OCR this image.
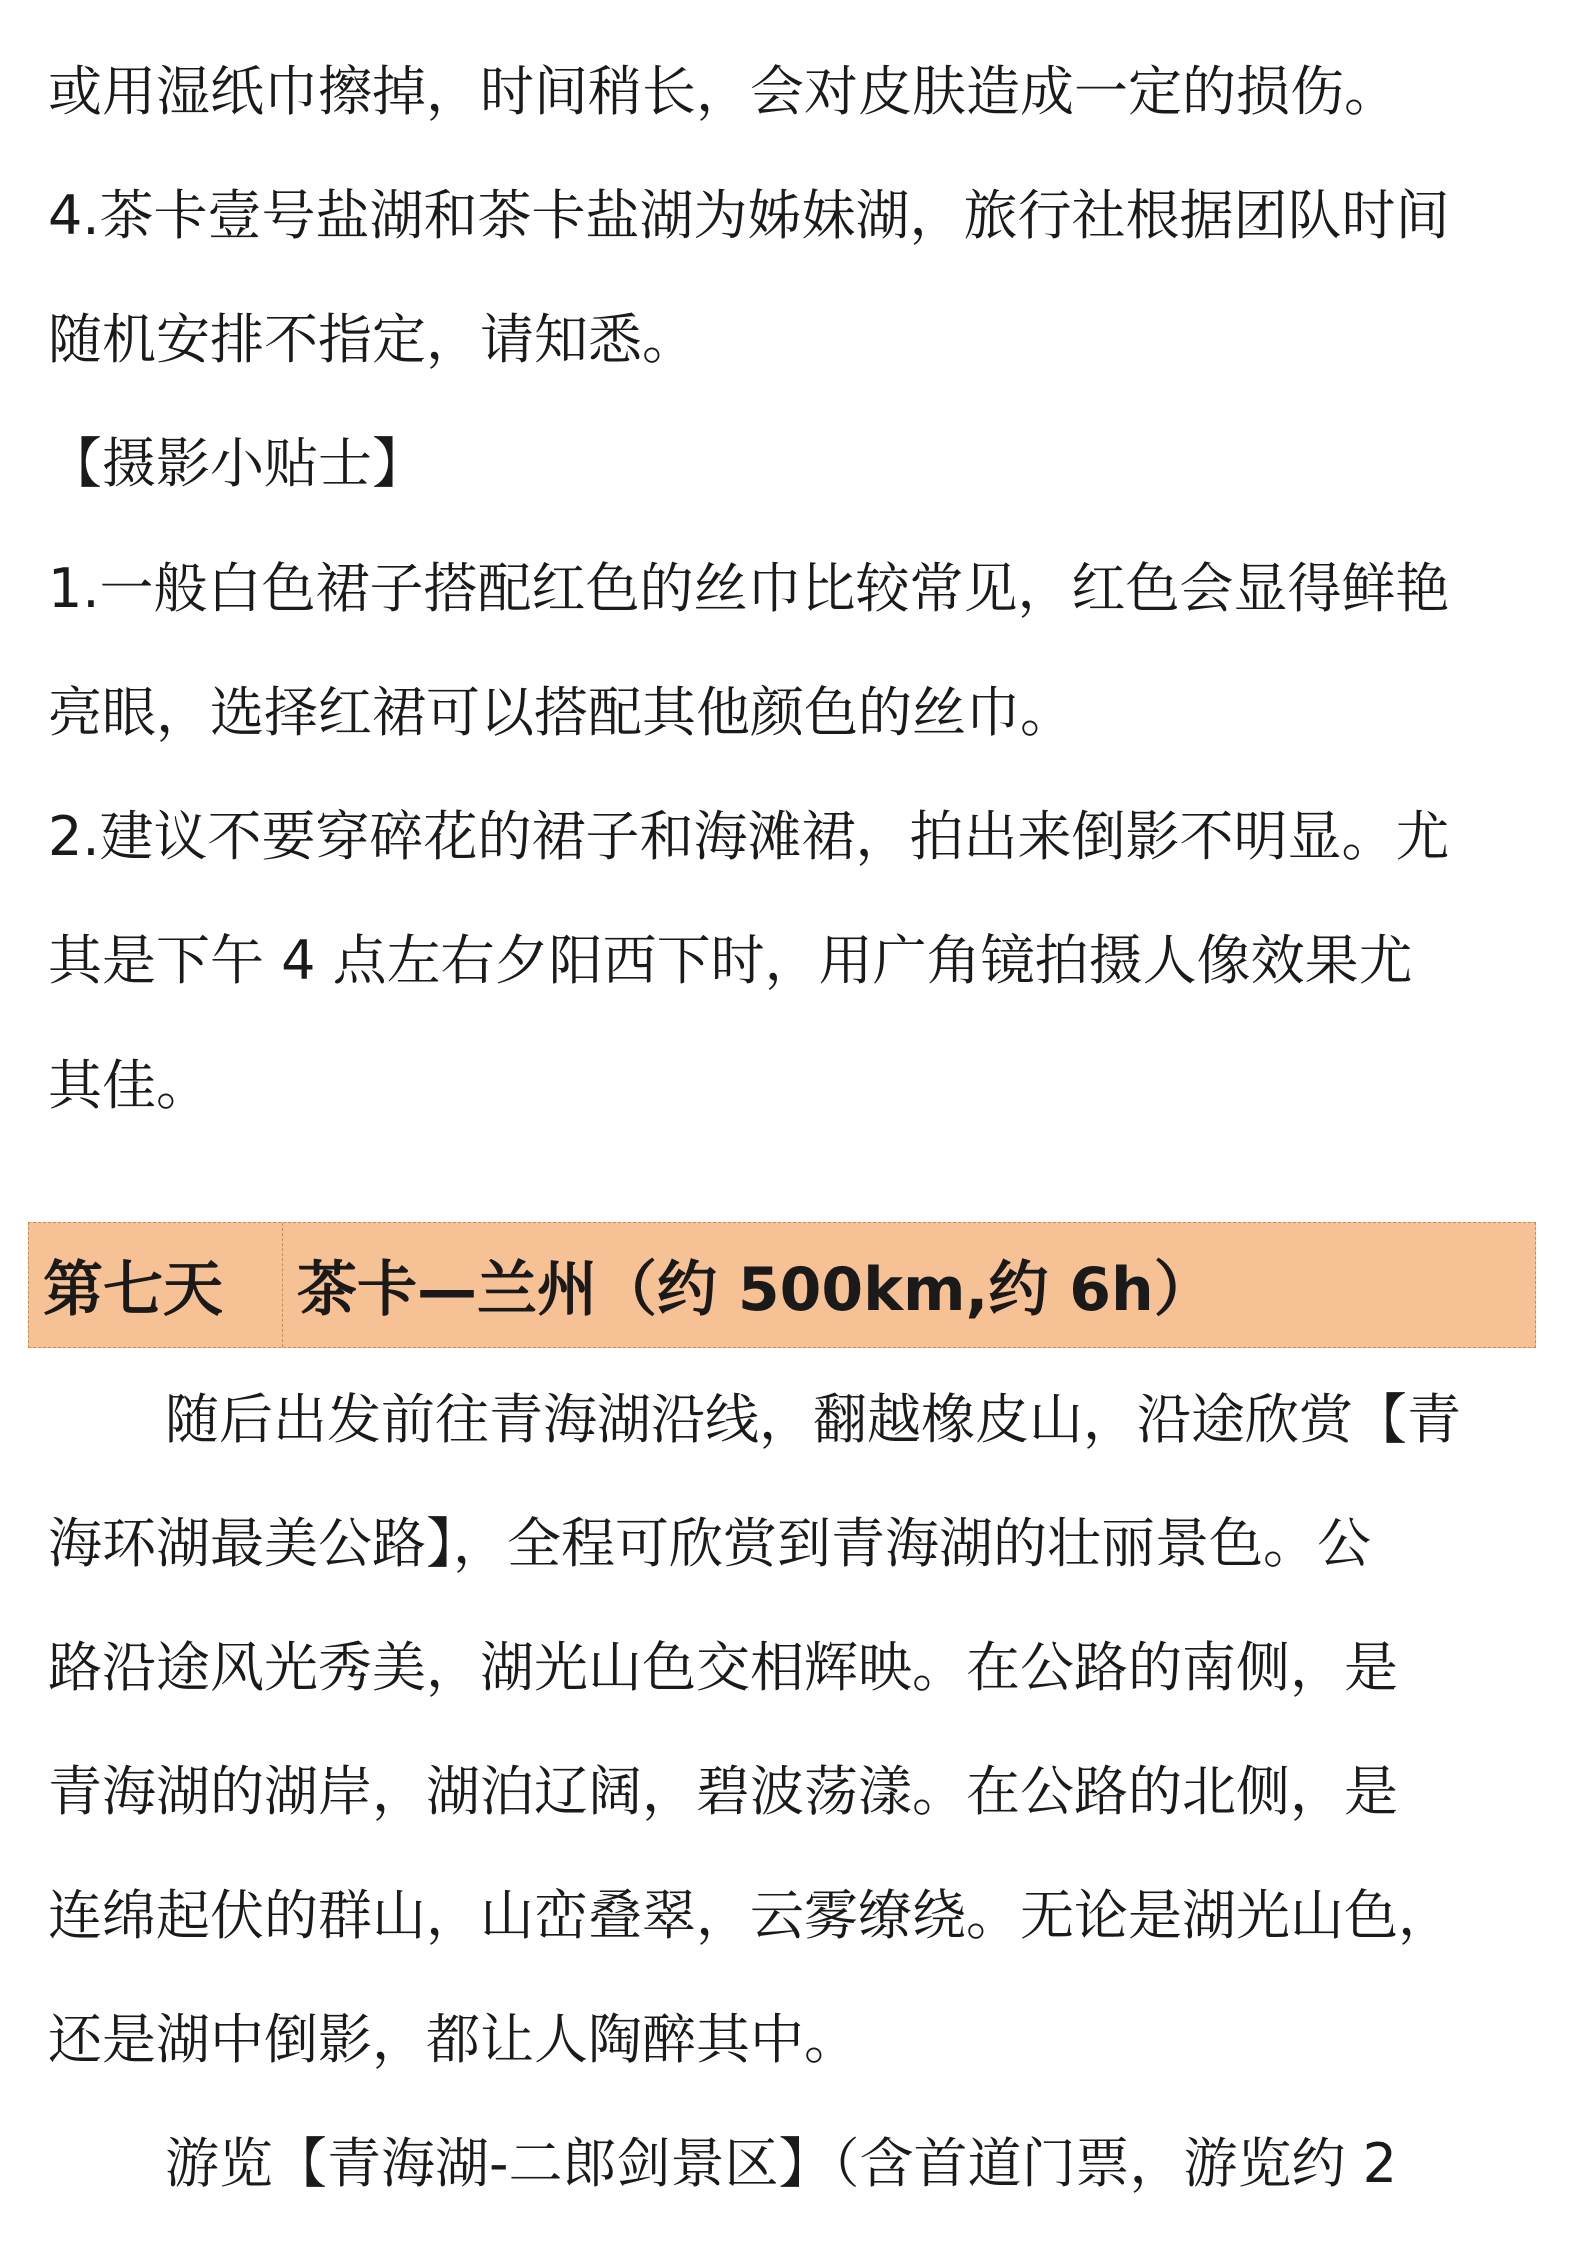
或用湿纸巾擦掉，时间稍长，会对皮肤造成一定的损伤。
4.茶卡壹号盐湖和茶卡盐湖为姊妹湖，旅行社根据团队时间
随机安排不指定，请知悉。
【摄影小贴士】
1.一般白色裙子搭配红色的丝巾比较常见，红色会显得鲜艳
亮眼，选择红裙可以搭配其他颜色的丝巾。
2.建议不要穿碎花的裙子和海滩裙，拍出来倒影不明显。尤
其是下午 4 点左右夕阳西下时，用广角镜拍摄人像效果尤
其佳。
第七天	茶卡—兰州（约 500km,约 6h）
随后出发前往青海湖沿线，翻越橡皮山，沿途欣赏【青
海环湖最美公路】，全程可欣赏到青海湖的壮丽景色。公
路沿途风光秀美，湖光山色交相辉映。在公路的南侧，是
青海湖的湖岸，湖泊辽阔，碧波荡漾。在公路的北侧，是
连绵起伏的群山，山峦叠翠，云雾缭绕。无论是湖光山色，
还是湖中倒影，都让人陶醉其中。
游览【青海湖-二郎剑景区】（含首道门票，游览约 2
